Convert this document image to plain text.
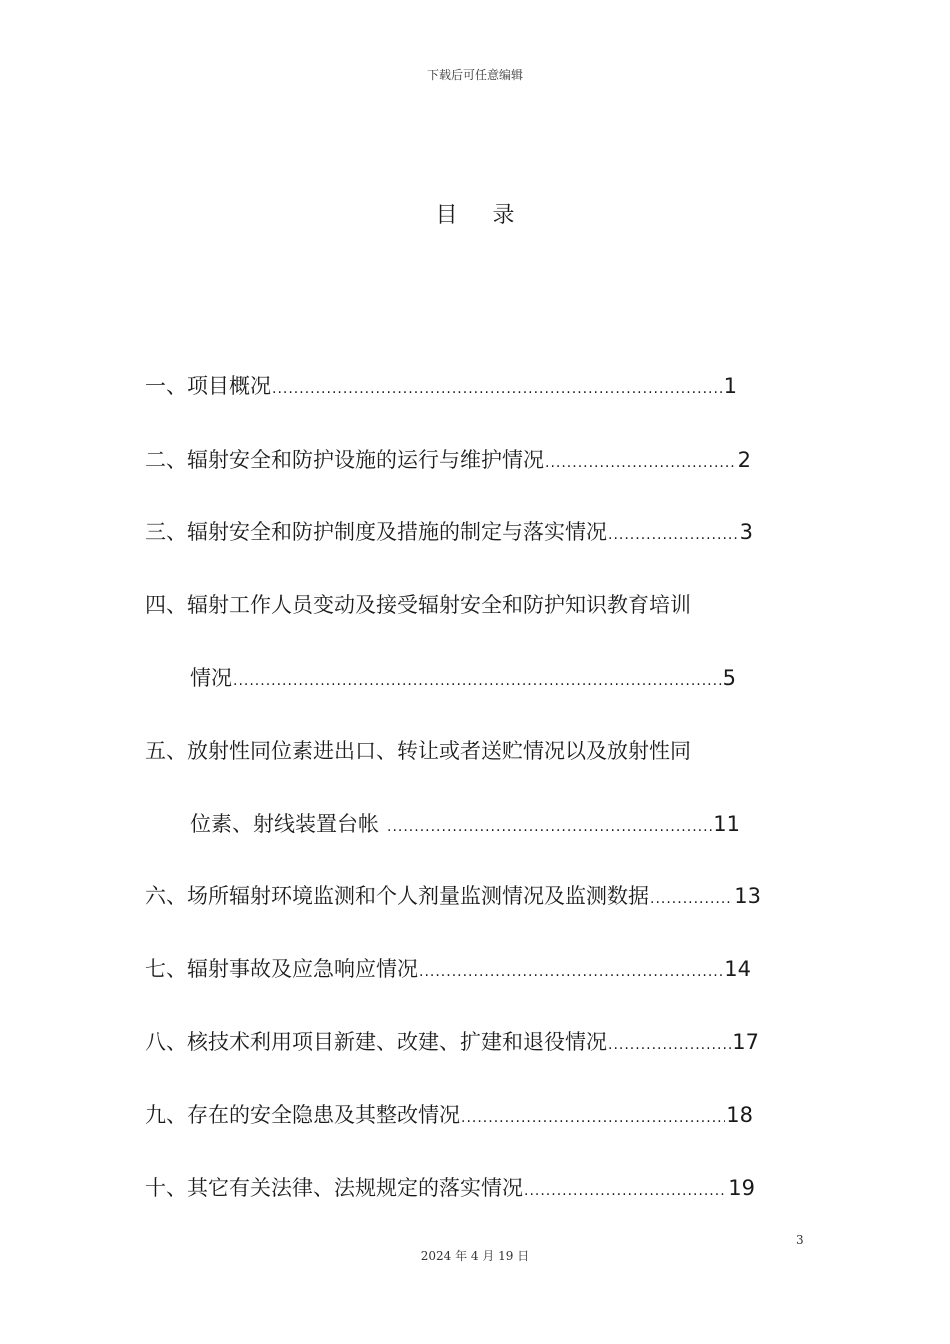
下载后可任意编辑
目 录
一、项目概况 .....	1
二、辐射安全和防护设施的运行与维护情况 .....	2
三、辐射安全和防护制度及措施的制定与落实情况 .....	3
四、辐射工作人员变动及接受辐射安全和防护知识教育培训
情况 .....	5
五、放射性同位素进出口、转让或者送贮情况以及放射性同
位素、射线装置台帐 .....	11
六、场所辐射环境监测和个人剂量监测情况及监测数据 .....	13
七、辐射事故及应急响应情况 .....	14
八、核技术利用项目新建、改建、扩建和退役情况 .....	17
九、存在的安全隐患及其整改情况 .....	18
十、其它有关法律、法规规定的落实情况 .....	19
3
2024 年 4 月 19 日
